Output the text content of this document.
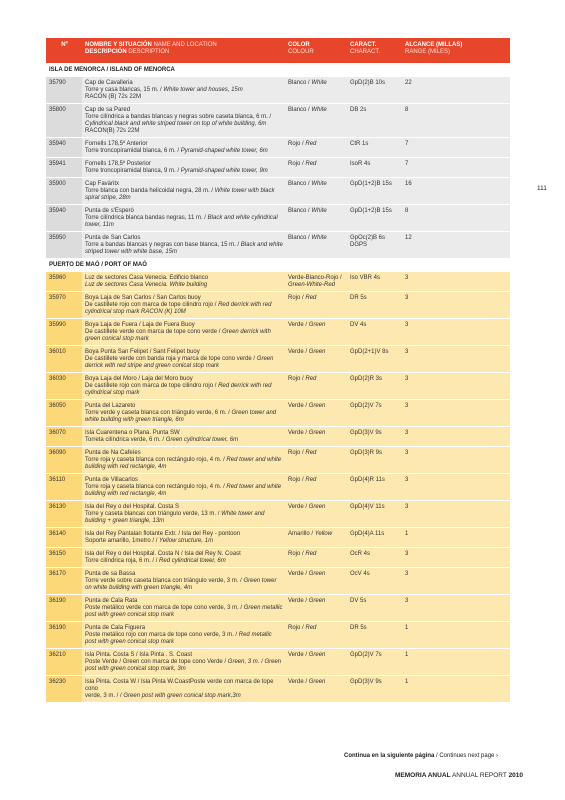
Nº	NOMBRE Y SITUACIÓN NAME AND LOCATION
DESCRIPCIÓN DESCRIPTION	COLOR
COLOUR	CARACT.
CHARACT.	ALCANCE (MILLAS)
RANGE (MILES)
ISLA DE MENORCA / ISLAND OF MENORCA				
35790	Cap de Cavalleria
Torre y casa blancas, 15 m. / White tower and houses, 15m
RACON (B) 72s 22M	Blanco / White	GpD(2)B 10s	22
35800	Cap de sa Pared
Torre cilíndrica a bandas blancas y negras sobre caseta blanca, 6 m. / Cylindrical black and white striped tower on top of white building, 6m
RACON(B) 72s 22M	Blanco / White	DB 2s	8
35940	Fornells 178,5º Anterior
Torre troncopiramidal blanca, 6 m. / Pyramid-shaped white tower, 6m	Rojo / Red	CtR 1s	7
35941	Fornells 178,5º Posterior
Torre troncopiramidal blanca, 9 m. / Pyramid-shaped white tower, 9m	Rojo / Red	IsoR 4s	7
35900	Cap Favàritx
Torre blanca con banda helicoidal negra, 28 m. / White tower with black spiral stripe, 28m	Blanco / White	GpD(1+2)B 15s	16
35940	Punta de s'Esperó
Torre cilíndrica blanca bandas negras, 11 m. / Black and white cylindrical tower, 11m	Blanco / White	GpD(1+2)B 15s	8
35950	Punta de San Carlos
Torre a bandas blancas y negras con base blanca, 15 m. / Black and white striped tower with white base, 15m	Blanco / White	GpOc(2)B 6s
DGPS	12
PUERTO DE MAÓ / PORT OF MAÓ				
35960	Luz de sectores Casa Venecia. Edificio blanco
Luz de sectores Casa Venecia. White building	Verde-Blanco-Rojo / Green-White-Red	Iso VBR 4s	3
35970	Boya Laja de San Carlos / San Carlos buoy
De castillete rojo con marca de tope cilindro rojo / Red derrick with red cylindrical stop mark RACON (K) 10M	Rojo / Red	DR 5s	3
35990	Boya Laja de Fuera / Laja de Fuera Buoy
De castillete verde con marca de tope cono verde / Green derrick with green conical stop mark	Verde / Green	DV 4s	3
36010	Boya Punta San Felipet / Sant Felipet buoy
De castillete verde con banda roja y marca de tope cono verde / Green derrick with red stripe and green conical stop mark	Verde / Green	GpD(2+1)V 8s	3
36030	Boya Laja del Moro / Laja del Moro buoy
De castillete rojo con marca de tope cilindro rojo / Red derrick with red cylindrical stop mark	Rojo / Red	GpD(2)R 3s	3
36050	Punta del Lazareto
Torre verde y caseta blanca con triángulo verde, 6 m. / Green tower and white building with green triangle, 6m	Verde / Green	GpD(2)V 7s	3
36070	Isla Cuarentena o Plana. Punta SW
Torreta cilíndrica verde, 6 m. / Green cylindrical tower, 6m	Verde / Green	GpD(3)V 9s	3
36090	Punta de Na Cafeíes
Torre roja y caseta blanca con rectángulo rojo, 4 m. / Red tower and white building with red rectangle, 4m	Rojo / Red	GpD(3)R 9s	3
36110	Punta de Villacarlos
Torre roja y caseta blanca con rectángulo rojo, 4 m. / Red tower and white building with red rectangle, 4m	Rojo / Red	GpD(4)R 11s	3
36130	Isla del Rey o del Hospital. Costa S
Torre y caseta blancas con triángulo verde, 13 m. / White tower and building + green triangle, 13m	Verde / Green	GpD(4)V 11s	3
36140	Isla del Rey Pantalan flotante Extr. / Isla del Rey - pontoon
Soporte amarillo, 1metro / / Yellow structure, 1m	Amarillo / Yellow	GpD(4)A 11s	1
36150	Isla del Rey o del Hospital. Costa N / Isla del Rey N. Coast
Torre cilíndrica roja, 6 m. / / Red cylindrical tower, 6m	Rojo / Red	OcR 4s	3
36170	Punta de sa Bassa
Torre verde sobre caseta blanca con triángulo verde, 3 m. / Green tower on white building with green triangle, 4m	Verde / Green	OcV 4s	3
36190	Punta de Cala Rata
Poste metálico verde con marca de tope cono verde, 3 m. / Green metallic post with green conical stop mark	Verde / Green	DV 5s	3
36190	Punta de Cala Figuera
Poste metálico rojo con marca de tope cono verde, 3 m. / Red metallic post with green conical stop mark	Rojo / Red	DR 5s	1
36210	Isla Pinta. Costa S / Isla Pinta . S. Coast
Poste Verde / Green con marca de tope cono Verde / Green, 3 m. / Green post with green conical stop mark, 3m	Verde / Green	GpD(2)V 7s	1
36230	Isla Pinta. Costa W / Isla Pinta W.CoastPoste verde con marca de tope cono
verde, 3 m. / / Green post with green conical stop mark,3m	Verde / Green	GpD(3)V 9s	1
111
Continua en la siguiente página / Continues next page ›
MEMORIA ANUAL ANNUAL REPORT 2010
